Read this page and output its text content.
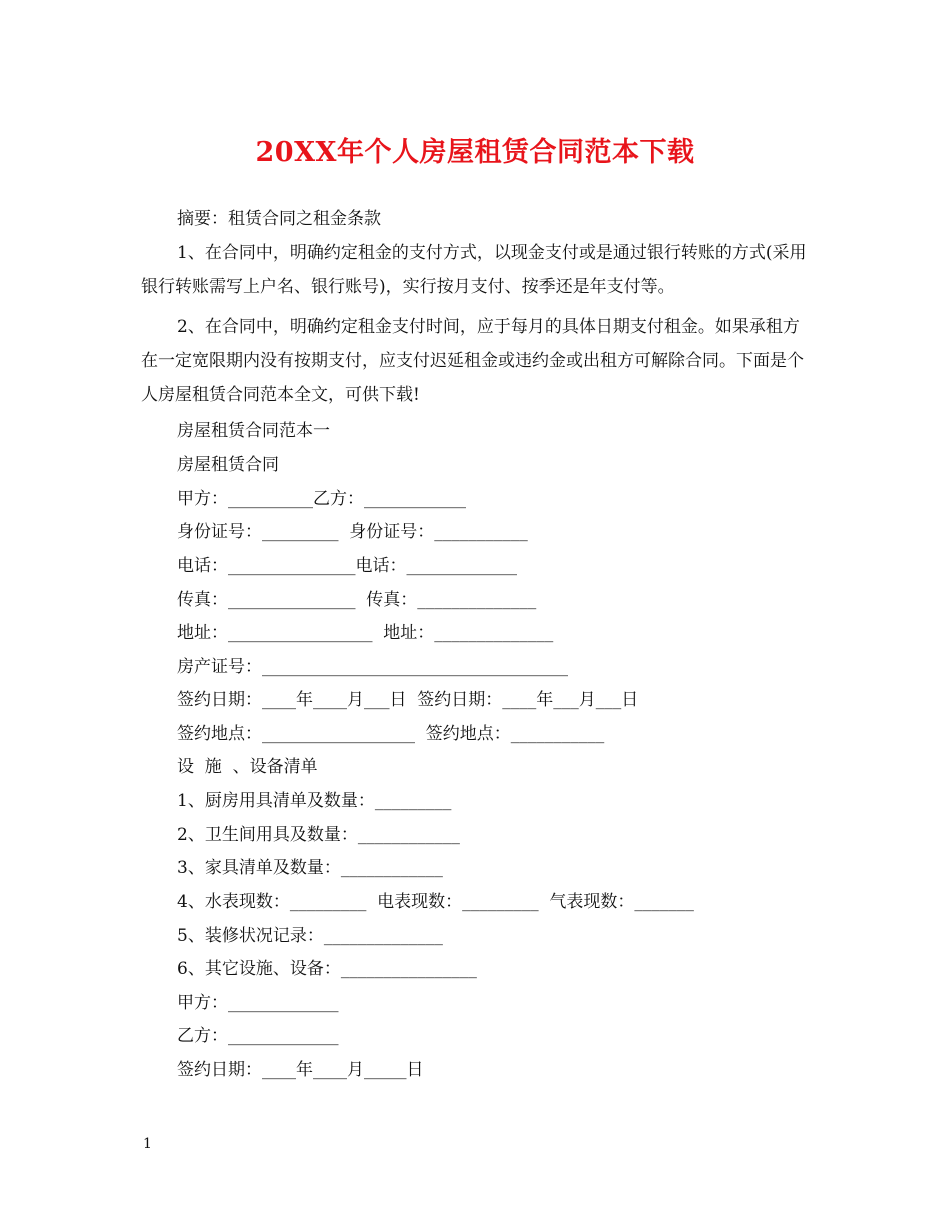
20XX年个人房屋租赁合同范本下载
摘要：租赁合同之租金条款
1、在合同中，明确约定租金的支付方式，以现金支付或是通过银行转账的方式(采用银行转账需写上户名、银行账号)，实行按月支付、按季还是年支付等。
2、在合同中，明确约定租金支付时间，应于每月的具体日期支付租金。如果承租方在一定宽限期内没有按期支付，应支付迟延租金或违约金或出租方可解除合同。下面是个人房屋租赁合同范本全文，可供下载!
房屋租赁合同范本一
房屋租赁合同
甲方：__________乙方：____________
身份证号：_________  身份证号：___________
电话：_______________电话：_____________
传真：_______________  传真：______________
地址：_________________  地址：______________
房产证号：____________________________________
签约日期：____年____月___日  签约日期：____年___月___日
签约地点：__________________  签约地点：___________
设  施  、设备清单
1、厨房用具清单及数量：_________
2、卫生间用具及数量：____________
3、家具清单及数量：____________
4、水表现数：_________  电表现数：_________  气表现数：_______
5、装修状况记录：______________
6、其它设施、设备：________________
甲方：_____________
乙方：_____________
签约日期：____年____月_____日
1
